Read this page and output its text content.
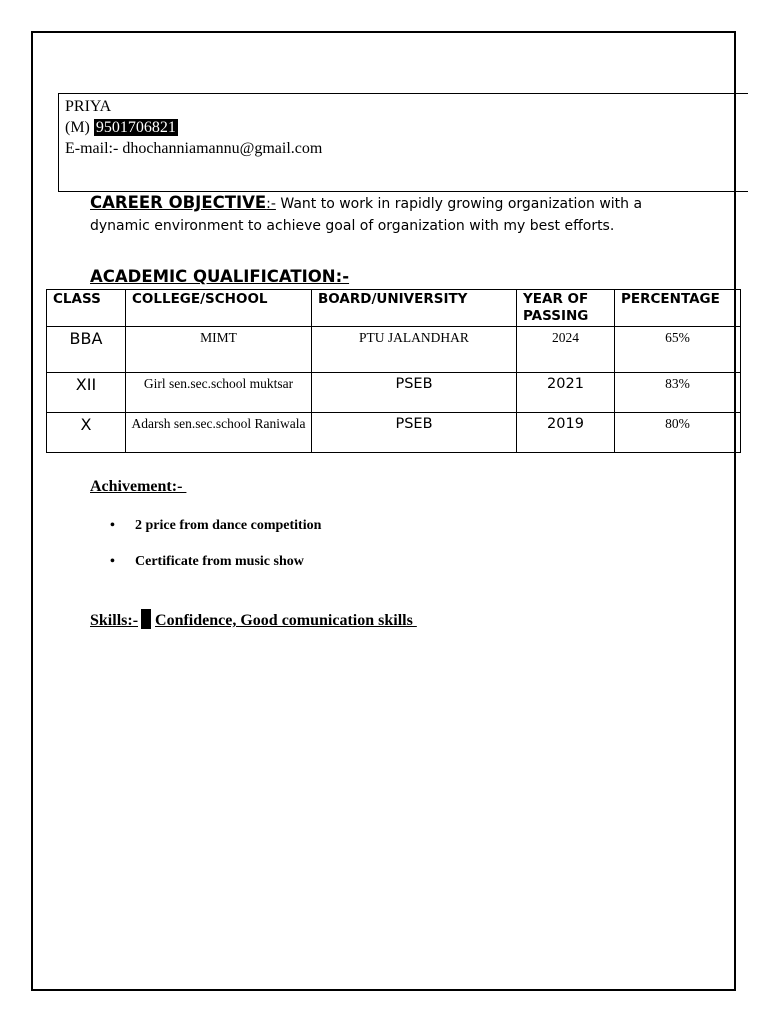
PRIYA
(M) 9501706821
E-mail:- dhochanniamannu@gmail.com
CAREER OBJECTIVE:- Want to work in rapidly growing organization with a dynamic environment to achieve goal of organization with my best efforts.
ACADEMIC QUALIFICATION:-
CLASS	COLLEGE/SCHOOL	BOARD/UNIVERSITY	YEAR OF PASSING	PERCENTAGE
BBA	MIMT	PTU JALANDHAR	2024	65%
XII	Girl sen.sec.school muktsar	PSEB	2021	83%
X	Adarsh sen.sec.school Raniwala	PSEB	2019	80%
Achivement:-
• 2 price from dance competition
• Certificate from music show
Skills:- Confidence, Good comunication skills
